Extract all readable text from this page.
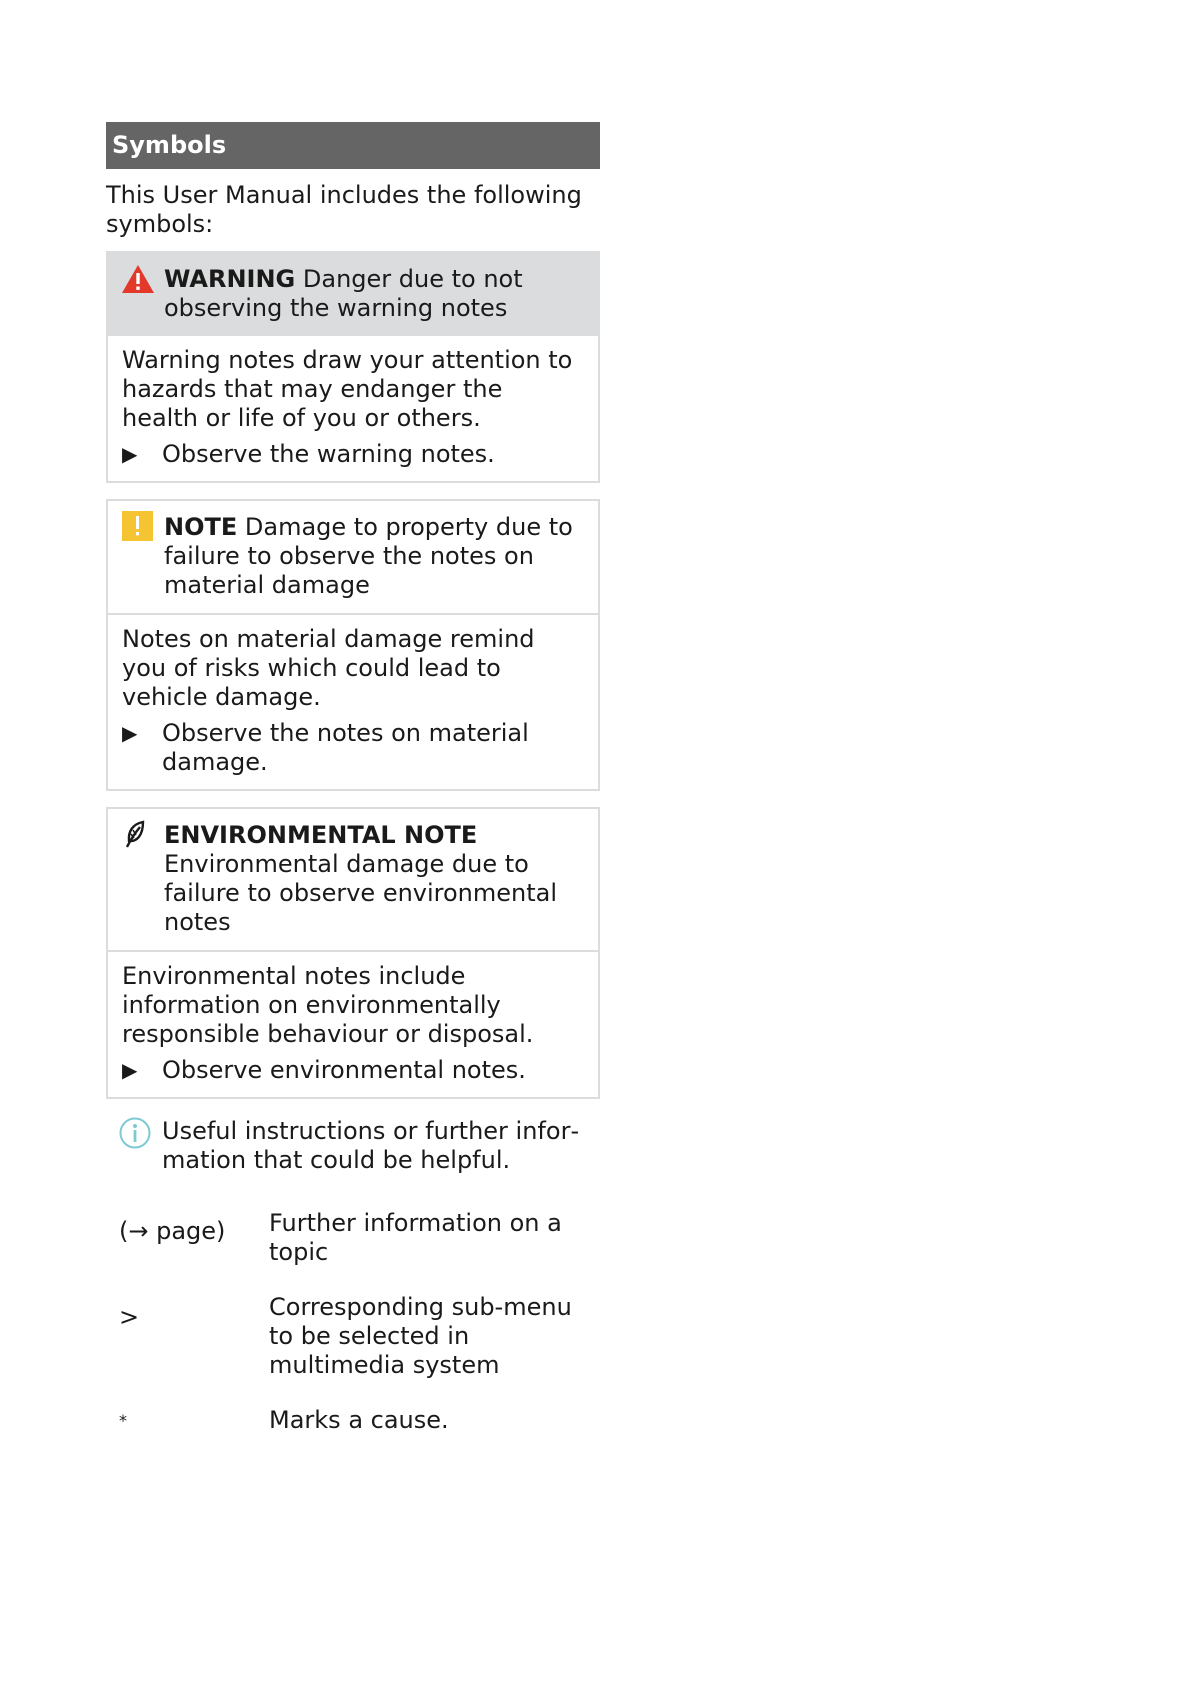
Symbols
This User Manual includes the following symbols:
WARNING Danger due to not observing the warning notes
Warning notes draw your attention to hazards that may endanger the health or life of you or others.
▶ Observe the warning notes.
NOTE Damage to property due to failure to observe the notes on material damage
Notes on material damage remind you of risks which could lead to vehicle damage.
▶ Observe the notes on material damage.
ENVIRONMENTAL NOTE Environmental damage due to failure to observe environmental notes
Environmental notes include information on environmentally responsible behaviour or disposal.
▶ Observe environmental notes.
Useful instructions or further information that could be helpful.
(→ page)	Further information on a topic
>	Corresponding sub-menu to be selected in multimedia system
*	Marks a cause.
